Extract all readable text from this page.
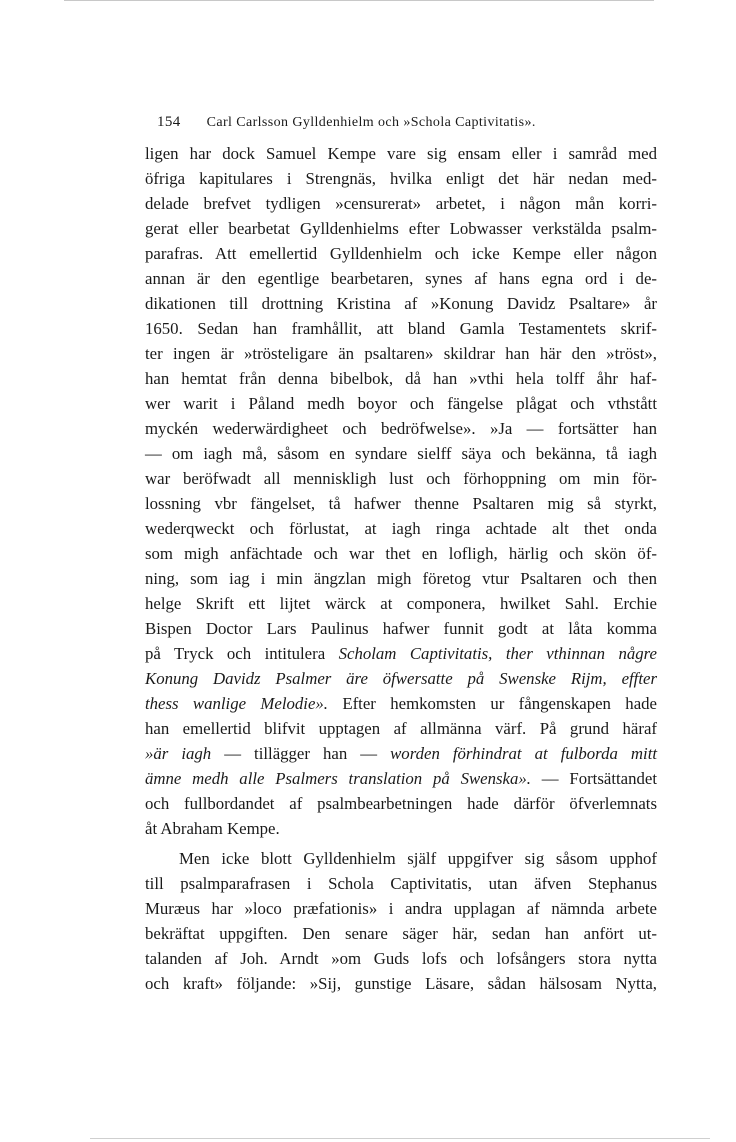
154 Carl Carlsson Gylldenhielm och »Schola Captivitatis».
ligen har dock Samuel Kempe vare sig ensam eller i samråd med
öfriga kapitulares i Strengnäs, hvilka enligt det här nedan med-
delade brefvet tydligen »censurerat» arbetet, i någon mån korri-
gerat eller bearbetat Gylldenhielms efter Lobwasser verkstälda psalm-
parafras. Att emellertid Gylldenhielm och icke Kempe eller någon
annan är den egentlige bearbetaren, synes af hans egna ord i de-
dikationen till drottning Kristina af »Konung Davidz Psaltare» år
1650. Sedan han framhållit, att bland Gamla Testamentets skrif-
ter ingen är »trösteligare än psaltaren» skildrar han här den »tröst»,
han hemtat från denna bibelbok, då han »vthi hela tolff åhr haf-
wer warit i Påland medh boyor och fängelse plågat och vthstått
myckén wederwärdigheet och bedröfwelse». »Ja — fortsätter han
— om iagh må, såsom en syndare sielff säya och bekänna, tå iagh
war beröfwadt all menniskligh lust och förhoppning om min för-
lossning vbr fängelset, tå hafwer thenne Psaltaren mig så styrkt,
wederqweckt och förlustat, at iagh ringa achtade alt thet onda
som migh anfächtade och war thet en lofligh, härlig och skön öf-
ning, som iag i min ängzlan migh företog vtur Psaltaren och then
helge Skrift ett lijtet wärck at componera, hwilket Sahl. Erchie
Bispen Doctor Lars Paulinus hafwer funnit godt at låta komma
på Tryck och intitulera Scholam Captivitatis, ther vthinnan någre
Konung Davidz Psalmer äre öfwersatte på Swenske Rijm, effter
thess wanlige Melodie». Efter hemkomsten ur fångenskapen hade
han emellertid blifvit upptagen af allmänna värf. På grund häraf
»är iagh — tillägger han — worden förhindrat at fulborda mitt
ämne medh alle Psalmers translation på Swenska». — Fortsättandet
och fullbordandet af psalmbearbetningen hade därför öfverlemnats
åt Abraham Kempe.
Men icke blott Gylldenhielm själf uppgifver sig såsom upphof
till psalmparafrasen i Schola Captivitatis, utan äfven Stephanus
Muræus har »loco præfationis» i andra upplagan af nämnda arbete
bekräftat uppgiften. Den senare säger här, sedan han anfört ut-
talanden af Joh. Arndt »om Guds lofs och lofsångers stora nytta
och kraft» följande: »Sij, gunstige Läsare, sådan hälsosam Nytta,
